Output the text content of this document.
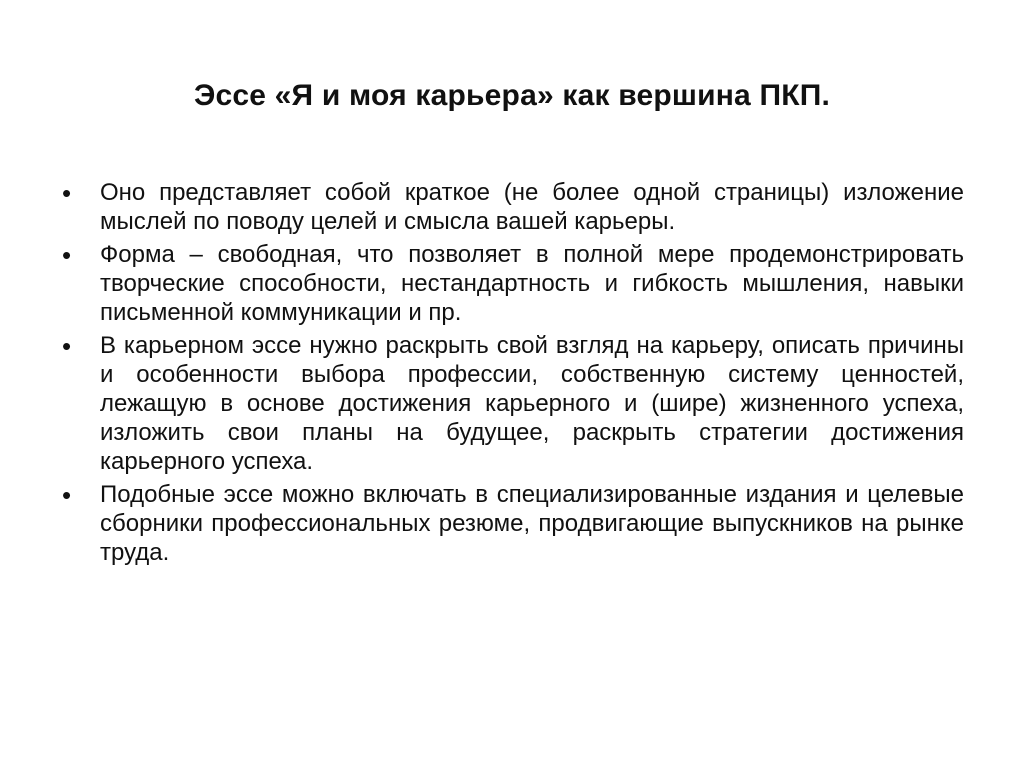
Эссе «Я и моя карьера» как вершина ПКП.
• Оно представляет собой краткое (не более одной страницы) изложение мыслей по поводу целей и смысла вашей карьеры.
• Форма – свободная, что позволяет в полной мере продемонстрировать творческие способности, нестандартность и гибкость мышления, навыки письменной коммуникации и пр.
• В карьерном эссе нужно раскрыть свой взгляд на карьеру, описать причины и особенности выбора профессии, собственную систему ценностей, лежащую в основе достижения карьерного и (шире) жизненного успеха, изложить свои планы на будущее, раскрыть стратегии достижения карьерного успеха.
• Подобные эссе можно включать в специализированные издания и целевые сборники профессиональных резюме, продвигающие выпускников на рынке труда.
